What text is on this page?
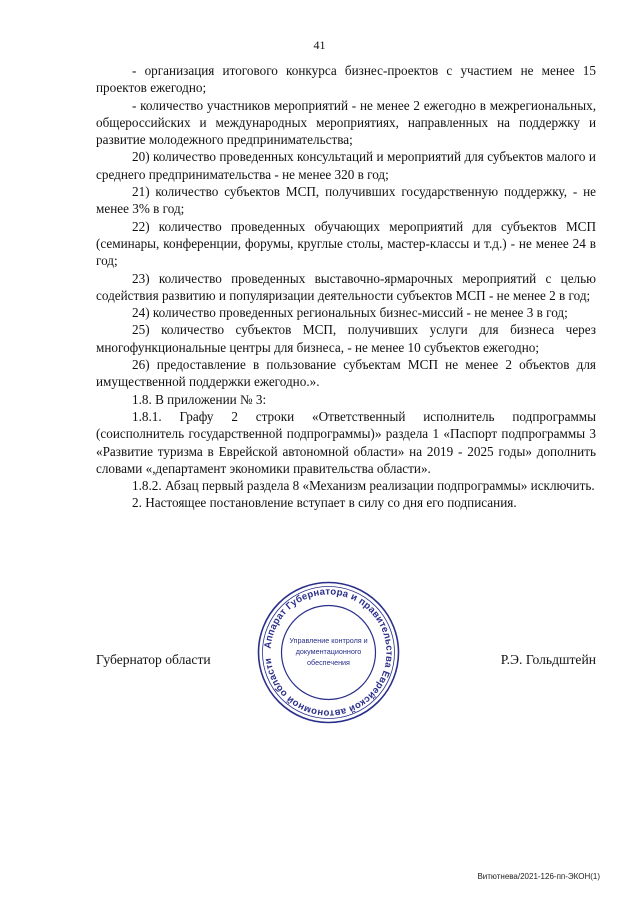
41

- организация итогового конкурса бизнес-проектов с участием не менее 15 проектов ежегодно;

- количество участников мероприятий - не менее 2 ежегодно в межрегиональных, общероссийских и международных мероприятиях, направленных на поддержку и развитие молодежного предпринимательства;

20) количество проведенных консультаций и мероприятий для субъектов малого и среднего предпринимательства - не менее 320 в год;

21) количество субъектов МСП, получивших государственную поддержку, - не менее 3% в год;

22) количество проведенных обучающих мероприятий для субъектов МСП (семинары, конференции, форумы, круглые столы, мастер-классы и т.д.) - не менее 24 в год;

23) количество проведенных выставочно-ярмарочных мероприятий с целью содействия развитию и популяризации деятельности субъектов МСП - не менее 2 в год;

24) количество проведенных региональных бизнес-миссий - не менее 3 в год;

25) количество субъектов МСП, получивших услуги для бизнеса через многофункциональные центры для бизнеса, - не менее 10 субъектов ежегодно;

26) предоставление в пользование субъектам МСП не менее 2 объектов для имущественной поддержки ежегодно.».

1.8. В приложении № 3:

1.8.1. Графу 2 строки «Ответственный исполнитель подпрограммы (соисполнитель государственной подпрограммы)» раздела 1 «Паспорт подпрограммы 3 «Развитие туризма в Еврейской автономной области» на 2019 - 2025 годы» дополнить словами «,департамент экономики правительства области».

1.8.2. Абзац первый раздела 8 «Механизм реализации подпрограммы» исключить.

2. Настоящее постановление вступает в силу со дня его подписания.

Аппарат Губернатора и правительства Еврейской автономной области
Управление контроля и
документационного
обеспечения
Губернатор области	Р.Э. Гольдштейн
Витютнева/2021-126-пп-ЭКОН(1)
